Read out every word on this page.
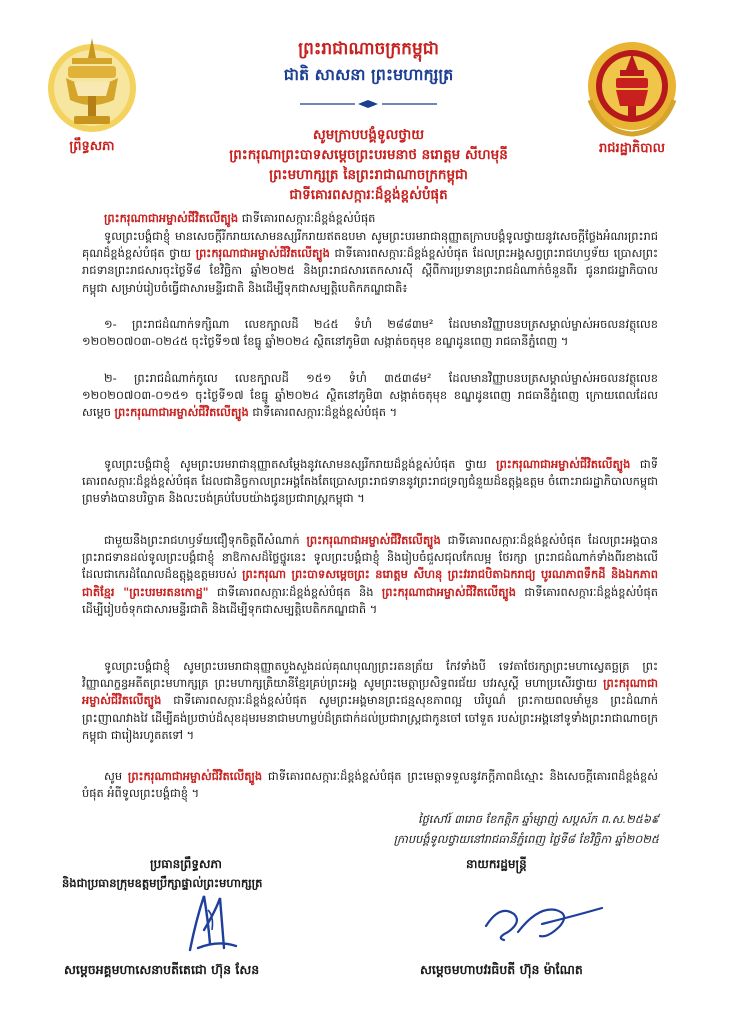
ព្រឹទ្ធសភា	រាជរដ្ឋាភិបាល
ព្រះរាជាណាចក្រកម្ពុជា
ជាតិ សាសនា ព្រះមហាក្សត្រ
សូមក្រាបបង្គំទូលថ្វាយ
ព្រះករុណាព្រះបាទសម្ដេចព្រះបរមនាថ នរោត្តម សីហមុនី
ព្រះមហាក្សត្រ នៃព្រះរាជាណាចក្រកម្ពុជា
ជាទីគោរពសក្ការៈដ៏ខ្ពង់ខ្ពស់បំផុត
ព្រះករុណាជាអម្ចាស់ជីវិតលើត្បូង ជាទីគោរពសក្ការៈដ៏ខ្ពង់ខ្ពស់បំផុត
ទូលព្រះបង្គំជាខ្ញុំ មានសេចក្តីរីករាយសោមនស្សរីករាយឥតឧបមា សូមព្រះបរមរាជានុញ្ញាតក្រាបបង្គំទូលថ្វាយនូវសេចក្តីថ្លែងអំណរព្រះរាជគុណដ៏ខ្ពង់ខ្ពស់បំផុត ថ្វាយ ព្រះករុណាជាអម្ចាស់ជីវិតលើត្បូង ជាទីគោរពសក្ការៈដ៏ខ្ពង់ខ្ពស់បំផុត ដែលព្រះអង្គសព្វព្រះរាជហឫទ័យ ប្រោសព្រះរាជទានព្រះរាជសារចុះថ្ងៃទី៨ ខែវិច្ឆិកា ឆ្នាំ២០២៥ និងព្រះរាជសារតេកសារស៊ី ស្ដីពីការប្រទានព្រះរាជដំណាក់ចំនួនពីរ ជូនរាជរដ្ឋាភិបាលកម្ពុជា សម្រាប់រៀបចំធ្វើជាសារមន្ទីរជាតិ និងដើម្បីទុកជាសម្បត្តិបេតិកភណ្ឌជាតិ៖
១- ព្រះរាជដំណាក់ទក្សិណា លេខក្បាលដី ២៤៥ ទំហំ ២៨៨៣ម² ដែលមានវិញ្ញាបនបត្រសម្គាល់ម្ចាស់អចលនវត្ថុលេខ ១២០២០៧០៣-០២៤៥ ចុះថ្ងៃទី១៧ ខែធ្នូ ឆ្នាំ២០២៤ ស្ថិតនៅភូមិ៣ សង្កាត់ចតុមុខ ខណ្ឌដូនពេញ រាជធានីភ្នំពេញ ។
២- ព្រះរាជដំណាក់កូលេ លេខក្បាលដី ១៥១ ទំហំ ៣៥៣៨ម² ដែលមានវិញ្ញាបនបត្រសម្គាល់ម្ចាស់អចលនវត្ថុលេខ ១២០២០៧០៣-០១៥១ ចុះថ្ងៃទី១៧ ខែធ្នូ ឆ្នាំ២០២៤ ស្ថិតនៅភូមិ៣ សង្កាត់ចតុមុខ ខណ្ឌដូនពេញ រាជធានីភ្នំពេញ ក្រោយពេលដែលសម្ដេច ព្រះករុណាជាអម្ចាស់ជីវិតលើត្បូង ជាទីគោរពសក្ការៈដ៏ខ្ពង់ខ្ពស់បំផុត ។
ទូលព្រះបង្គំជាខ្ញុំ សូមព្រះបរមរាជានុញ្ញាតសម្ដែងនូវសោមនស្សរីករាយដ៏ខ្ពង់ខ្ពស់បំផុត ថ្វាយ ព្រះករុណាជាអម្ចាស់ជីវិតលើត្បូង ជាទីគោរពសក្ការៈដ៏ខ្ពង់ខ្ពស់បំផុត ដែលជានិច្ចកាលព្រះអង្គតែងតែប្រោសព្រះរាជទាននូវព្រះរាជទ្រព្យជំនួយដ៏ឧត្តុង្គឧត្តម ចំពោះរាជរដ្ឋាភិបាលកម្ពុជា ព្រមទាំងបានបរិច្ចាគ និងលះបង់គ្រប់បែបយ៉ាងជូនប្រជារាស្ត្រកម្ពុជា ។
ជាមួយនឹងព្រះរាជហឫទ័យជឿទុកចិត្តពីសំណាក់ ព្រះករុណាជាអម្ចាស់ជីវិតលើត្បូង ជាទីគោរពសក្ការៈដ៏ខ្ពង់ខ្ពស់បំផុត ដែលព្រះអង្គបានព្រះរាជទានដល់ទូលព្រះបង្គំជាខ្ញុំ នាឱកាសដ៏ថ្លៃថ្នូរនេះ ទូលព្រះបង្គំជាខ្ញុំ និងរៀបចំជួសជុលកែលម្អ ថែរក្សា ព្រះរាជដំណាក់ទាំងពីរខាងលើ ដែលជាកេរដំណែលដ៏ឧត្តុង្គឧត្តមរបស់ ព្រះករុណា ព្រះបាទសម្ដេចព្រះ នរោត្តម សីហនុ ព្រះវររាជបិតាឯករាជ្យ បូរណភាពទឹកដី និងឯកភាពជាតិខ្មែរ "ព្រះបរមរតនកោដ្ឋ" ជាទីគោរពសក្ការៈដ៏ខ្ពង់ខ្ពស់បំផុត និង ព្រះករុណាជាអម្ចាស់ជីវិតលើត្បូង ជាទីគោរពសក្ការៈដ៏ខ្ពង់ខ្ពស់បំផុត ដើម្បីរៀបចំទុកជាសារមន្ទីរជាតិ និងដើម្បីទុកជាសម្បត្តិបេតិកភណ្ឌជាតិ ។
ទូលព្រះបង្គំជាខ្ញុំ សូមព្រះបរមរាជានុញ្ញាតបួងសួងដល់គុណបុណ្យព្រះរតនត្រ័យ កែវទាំងបី ទេវតាថែរក្សាព្រះមហាស្វេតច្ឆត្រ ព្រះវិញ្ញាណក្ខន្ធអតីតព្រះមហាក្សត្រ ព្រះមហាក្សត្រិយានីខ្មែរគ្រប់ព្រះអង្គ សូមព្រះមេត្តាប្រសិទ្ធពរជ័យ បវរសួស្ដី មហាប្រសើរថ្វាយ ព្រះករុណាជាអម្ចាស់ជីវិតលើត្បូង ជាទីគោរពសក្ការៈដ៏ខ្ពង់ខ្ពស់បំផុត សូមព្រះអង្គមានព្រះជន្មសុខភាពល្អ បរិបូណ៌ ព្រះកាយពលមាំមួន ព្រះដំណាក់ព្រះញាណវាងវៃ ដើម្បីគង់ប្រថាប់ដ៏សុខដុមរមនាជាមហាម្លប់ដ៏ត្រជាក់ដល់ប្រជារាស្ត្រជាកូនចៅ ចៅទួត របស់ព្រះអង្គនៅទូទាំងព្រះរាជាណាចក្រកម្ពុជា ជារៀងរហូតតទៅ ។
សូម ព្រះករុណាជាអម្ចាស់ជីវិតលើត្បូង ជាទីគោរពសក្ការៈដ៏ខ្ពង់ខ្ពស់បំផុត ព្រះមេត្តាទទួលនូវភក្តីភាពដ៏ស្មោះ និងសេចក្តីគោរពដ៏ខ្ពង់ខ្ពស់បំផុត អំពីទូលព្រះបង្គំជាខ្ញុំ ។
ថ្ងៃសៅរ៍ ៣រោច ខែកត្តិក ឆ្នាំម្សាញ់ សប្តស័ក ព.ស.២៥៦៩
ក្រាបបង្គំទូលថ្វាយនៅរាជធានីភ្នំពេញ ថ្ងៃទី៨ ខែវិច្ឆិកា ឆ្នាំ២០២៥
ប្រធានព្រឹទ្ធសភា
និងជាប្រធានក្រុមឧត្តមប្រឹក្សាផ្ទាល់ព្រះមហាក្សត្រ
នាយករដ្ឋមន្ត្រី
សម្ដេចអគ្គមហាសេនាបតីតេជោ ហ៊ុន សែន	សម្ដេចមហាបវរធិបតី ហ៊ុន ម៉ាណែត
